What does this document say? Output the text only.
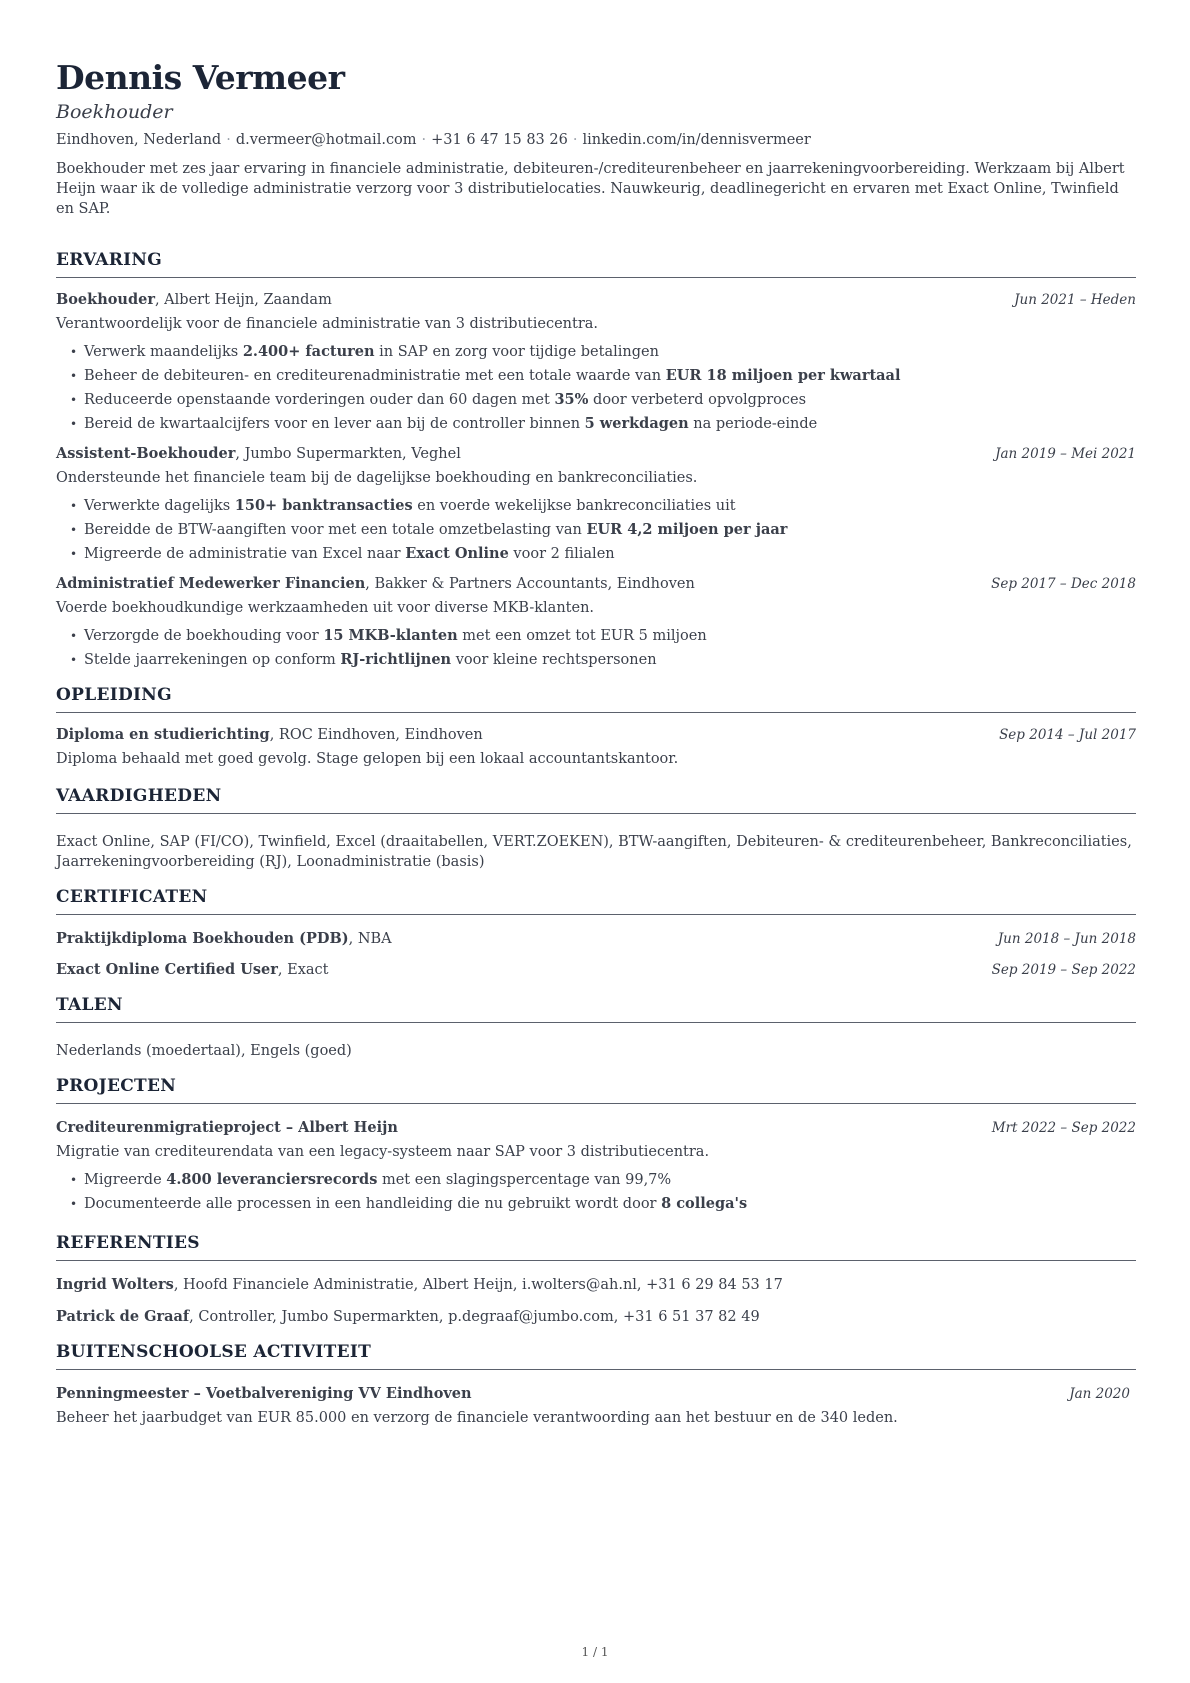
Dennis Vermeer
Boekhouder
Eindhoven, Nederland · d.vermeer@hotmail.com · +31 6 47 15 83 26 · linkedin.com/in/dennisvermeer
Boekhouder met zes jaar ervaring in financiele administratie, debiteuren-/crediteurenbeheer en jaarrekeningvoorbereiding. Werkzaam bij Albert Heijn waar ik de volledige administratie verzorg voor 3 distributielocaties. Nauwkeurig, deadlinegericht en ervaren met Exact Online, Twinfield en SAP.
ERVARING
Boekhouder, Albert Heijn, Zaandam	Jun 2021 – Heden
Verantwoordelijk voor de financiele administratie van 3 distributiecentra.
• Verwerk maandelijks 2.400+ facturen in SAP en zorg voor tijdige betalingen
• Beheer de debiteuren- en crediteurenadministratie met een totale waarde van EUR 18 miljoen per kwartaal
• Reduceerde openstaande vorderingen ouder dan 60 dagen met 35% door verbeterd opvolgproces
• Bereid de kwartaalcijfers voor en lever aan bij de controller binnen 5 werkdagen na periode-einde
Assistent-Boekhouder, Jumbo Supermarkten, Veghel	Jan 2019 – Mei 2021
Ondersteunde het financiele team bij de dagelijkse boekhouding en bankreconciliaties.
• Verwerkte dagelijks 150+ banktransacties en voerde wekelijkse bankreconciliaties uit
• Bereidde de BTW-aangiften voor met een totale omzetbelasting van EUR 4,2 miljoen per jaar
• Migreerde de administratie van Excel naar Exact Online voor 2 filialen
Administratief Medewerker Financien, Bakker & Partners Accountants, Eindhoven	Sep 2017 – Dec 2018
Voerde boekhoudkundige werkzaamheden uit voor diverse MKB-klanten.
• Verzorgde de boekhouding voor 15 MKB-klanten met een omzet tot EUR 5 miljoen
• Stelde jaarrekeningen op conform RJ-richtlijnen voor kleine rechtspersonen
OPLEIDING
Diploma en studierichting, ROC Eindhoven, Eindhoven	Sep 2014 – Jul 2017
Diploma behaald met goed gevolg. Stage gelopen bij een lokaal accountantskantoor.
VAARDIGHEDEN
Exact Online, SAP (FI/CO), Twinfield, Excel (draaitabellen, VERT.ZOEKEN), BTW-aangiften, Debiteuren- & crediteurenbeheer, Bankreconciliaties, Jaarrekeningvoorbereiding (RJ), Loonadministratie (basis)
CERTIFICATEN
Praktijkdiploma Boekhouden (PDB), NBA	Jun 2018 – Jun 2018
Exact Online Certified User, Exact	Sep 2019 – Sep 2022
TALEN
Nederlands (moedertaal), Engels (goed)
PROJECTEN
Crediteurenmigratieproject – Albert Heijn	Mrt 2022 – Sep 2022
Migratie van crediteurendata van een legacy-systeem naar SAP voor 3 distributiecentra.
• Migreerde 4.800 leveranciersrecords met een slagingspercentage van 99,7%
• Documenteerde alle processen in een handleiding die nu gebruikt wordt door 8 collega's
REFERENTIES
Ingrid Wolters, Hoofd Financiele Administratie, Albert Heijn, i.wolters@ah.nl, +31 6 29 84 53 17
Patrick de Graaf, Controller, Jumbo Supermarkten, p.degraaf@jumbo.com, +31 6 51 37 82 49
BUITENSCHOOLSE ACTIVITEIT
Penningmeester – Voetbalvereniging VV Eindhoven	Jan 2020
Beheer het jaarbudget van EUR 85.000 en verzorg de financiele verantwoording aan het bestuur en de 340 leden.
1 / 1
